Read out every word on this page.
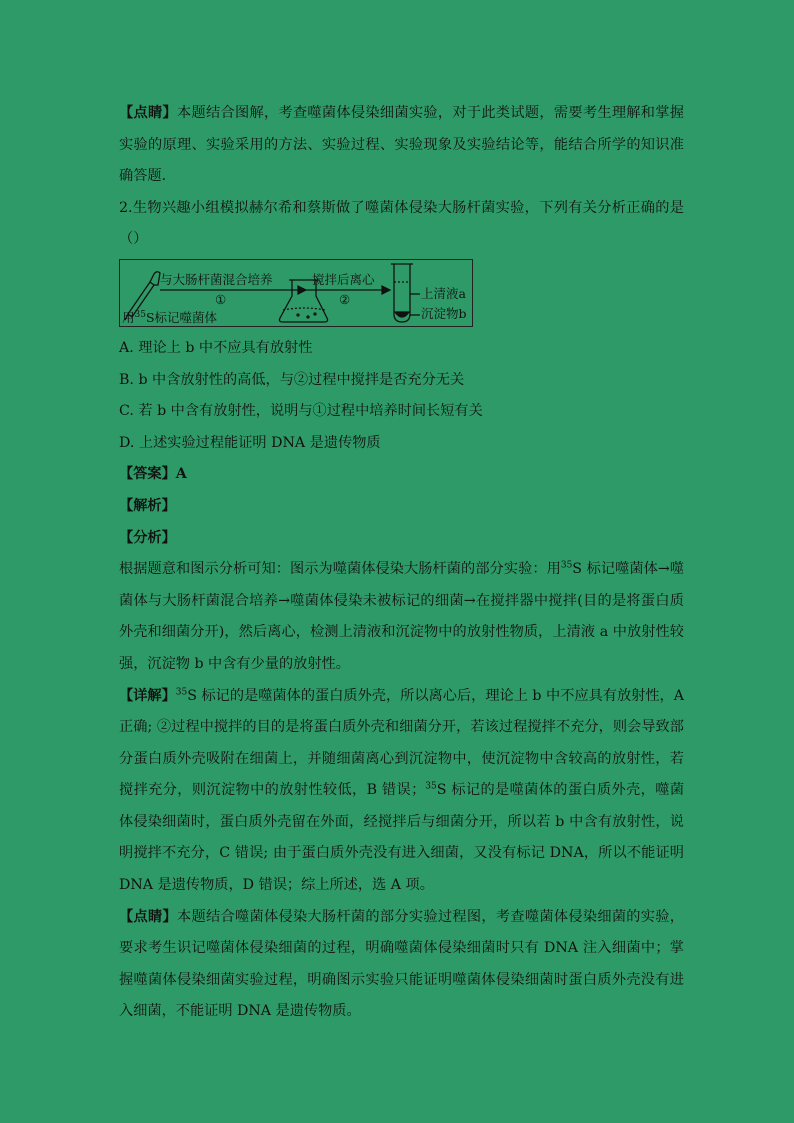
【点睛】本题结合图解，考查噬菌体侵染细菌实验，对于此类试题，需要考生理解和掌握实验的原理、实验采用的方法、实验过程、实验现象及实验结论等，能结合所学的知识准确答题．

2.生物兴趣小组模拟赫尔希和蔡斯做了噬菌体侵染大肠杆菌实验，下列有关分析正确的是（）

与大肠杆菌混合培养
①
搅拌后离心
②	上清液a
沉淀物b
用$^{35}$S标记噬菌体

A. 理论上 b 中不应具有放射性

B. b 中含放射性的高低，与②过程中搅拌是否充分无关

C. 若 b 中含有放射性，说明与①过程中培养时间长短有关

D. 上述实验过程能证明 DNA 是遗传物质

【答案】A

【解析】

【分析】

根据题意和图示分析可知：图示为噬菌体侵染大肠杆菌的部分实验：用$^{35}$S 标记噬菌体→噬菌体与大肠杆菌混合培养→噬菌体侵染未被标记的细菌→在搅拌器中搅拌(目的是将蛋白质外壳和细菌分开)，然后离心，检测上清液和沉淀物中的放射性物质，上清液 a 中放射性较强，沉淀物 b 中含有少量的放射性。

【详解】$^{35}$S 标记的是噬菌体的蛋白质外壳，所以离心后，理论上 b 中不应具有放射性，A 正确; ②过程中搅拌的目的是将蛋白质外壳和细菌分开，若该过程搅拌不充分，则会导致部分蛋白质外壳吸附在细菌上，并随细菌离心到沉淀物中，使沉淀物中含较高的放射性，若搅拌充分，则沉淀物中的放射性较低，B 错误；$^{35}$S 标记的是噬菌体的蛋白质外壳，噬菌体侵染细菌时，蛋白质外壳留在外面，经搅拌后与细菌分开，所以若 b 中含有放射性，说明搅拌不充分，C 错误; 由于蛋白质外壳没有进入细菌，又没有标记 DNA，所以不能证明 DNA 是遗传物质，D 错误；综上所述，选 A 项。

【点睛】本题结合噬菌体侵染大肠杆菌的部分实验过程图，考查噬菌体侵染细菌的实验，要求考生识记噬菌体侵染细菌的过程，明确噬菌体侵染细菌时只有 DNA 注入细菌中；掌握噬菌体侵染细菌实验过程，明确图示实验只能证明噬菌体侵染细菌时蛋白质外壳没有进入细菌，不能证明 DNA 是遗传物质。
